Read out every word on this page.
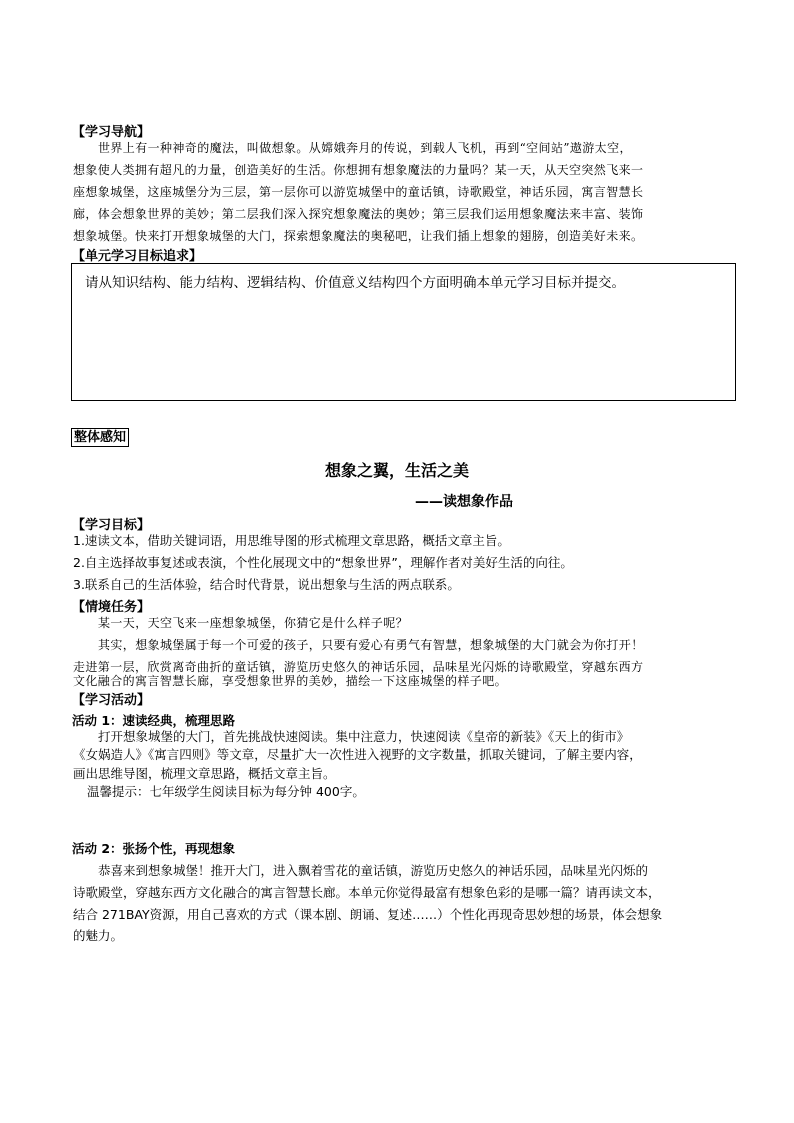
【学习导航】
世界上有一种神奇的魔法，叫做想象。从嫦娥奔月的传说，到载人飞机，再到“空间站”遨游太空，
想象使人类拥有超凡的力量，创造美好的生活。你想拥有想象魔法的力量吗？某一天，从天空突然飞来一
座想象城堡，这座城堡分为三层，第一层你可以游览城堡中的童话镇，诗歌殿堂，神话乐园，寓言智慧长
廊，体会想象世界的美妙；第二层我们深入探究想象魔法的奥妙；第三层我们运用想象魔法来丰富、装饰
想象城堡。快来打开想象城堡的大门，探索想象魔法的奥秘吧，让我们插上想象的翅膀，创造美好未来。
【单元学习目标追求】
请从知识结构、能力结构、逻辑结构、价值意义结构四个方面明确本单元学习目标并提交。
整体感知
想象之翼，生活之美
——读想象作品
【学习目标】
1.速读文本，借助关键词语，用思维导图的形式梳理文章思路，概括文章主旨。
2.自主选择故事复述或表演，个性化展现文中的“想象世界”，理解作者对美好生活的向往。
3.联系自己的生活体验，结合时代背景，说出想象与生活的两点联系。
【情境任务】
某一天，天空飞来一座想象城堡，你猜它是什么样子呢？
其实，想象城堡属于每一个可爱的孩子，只要有爱心有勇气有智慧，想象城堡的大门就会为你打开！
走进第一层，欣赏离奇曲折的童话镇，游览历史悠久的神话乐园，品味星光闪烁的诗歌殿堂，穿越东西方
文化融合的寓言智慧长廊，享受想象世界的美妙，描绘一下这座城堡的样子吧。
【学习活动】
活动 1：速读经典，梳理思路
打开想象城堡的大门，首先挑战快速阅读。集中注意力，快速阅读《皇帝的新装》《天上的街市》
《女娲造人》《寓言四则》等文章，尽量扩大一次性进入视野的文字数量，抓取关键词，了解主要内容，
画出思维导图，梳理文章思路，概括文章主旨。
温馨提示：七年级学生阅读目标为每分钟 400字。
活动 2：张扬个性，再现想象
恭喜来到想象城堡！推开大门，进入飘着雪花的童话镇，游览历史悠久的神话乐园，品味星光闪烁的
诗歌殿堂，穿越东西方文化融合的寓言智慧长廊。本单元你觉得最富有想象色彩的是哪一篇？请再读文本，
结合 271BAY资源，用自己喜欢的方式（课本剧、朗诵、复述……）个性化再现奇思妙想的场景，体会想象
的魅力。
